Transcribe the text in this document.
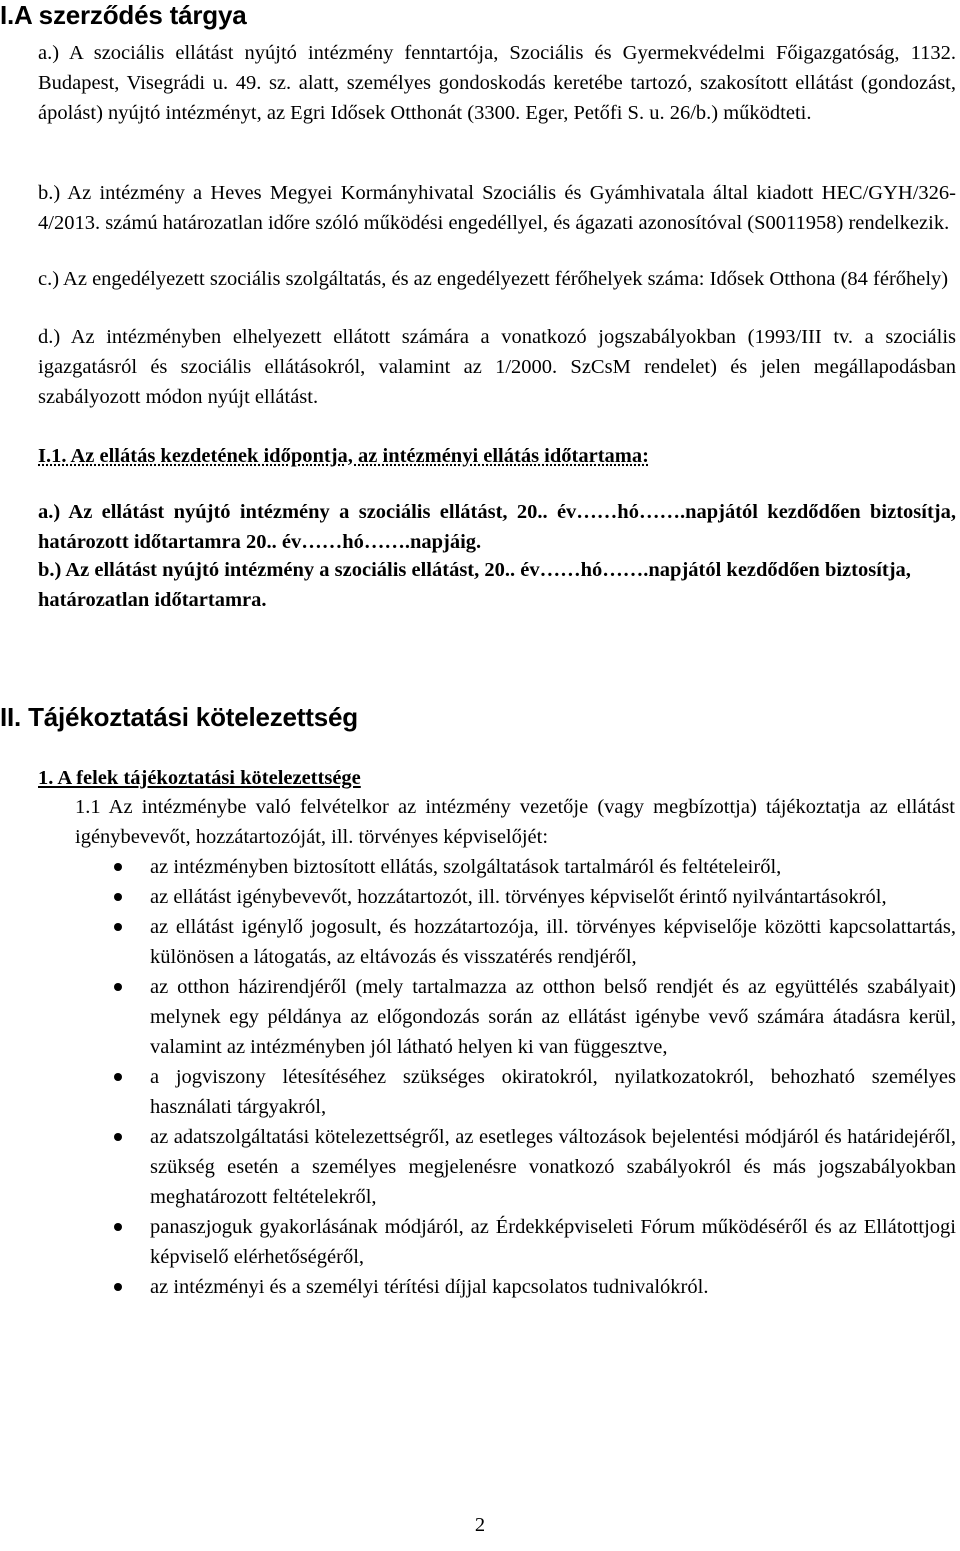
I.A szerződés tárgya

a.) A szociális ellátást nyújtó intézmény fenntartója, Szociális és Gyermekvédelmi Főigazgatóság, 1132. Budapest, Visegrádi u. 49. sz. alatt, személyes gondoskodás keretébe tartozó, szakosított ellátást (gondozást, ápolást) nyújtó intézményt, az Egri Idősek Otthonát (3300. Eger, Petőfi S. u. 26/b.) működteti.

b.) Az intézmény a Heves Megyei Kormányhivatal Szociális és Gyámhivatala által kiadott HEC/GYH/326-4/2013. számú határozatlan időre szóló működési engedéllyel, és ágazati azonosítóval (S0011958) rendelkezik.

c.) Az engedélyezett szociális szolgáltatás, és az engedélyezett férőhelyek száma: Idősek Otthona (84 férőhely)

d.) Az intézményben elhelyezett ellátott számára a vonatkozó jogszabályokban (1993/III tv. a szociális igazgatásról és szociális ellátásokról, valamint az 1/2000. SzCsM rendelet) és jelen megállapodásban szabályozott módon nyújt ellátást.

I.1. Az ellátás kezdetének időpontja, az intézményi ellátás időtartama:

a.) Az ellátást nyújtó intézmény a szociális ellátást, 20.. év……hó…….napjától kezdődően biztosítja, határozott időtartamra 20.. év……hó…….napjáig.

b.) Az ellátást nyújtó intézmény a szociális ellátást, 20.. év……hó…….napjától kezdődően biztosítja, határozatlan időtartamra.

II. Tájékoztatási kötelezettség
1. A felek tájékoztatási kötelezettsége

1.1 Az intézménybe való felvételkor az intézmény vezetője (vagy megbízottja) tájékoztatja az ellátást igénybevevőt, hozzátartozóját, ill. törvényes képviselőjét:

az intézményben biztosított ellátás, szolgáltatások tartalmáról és feltételeiről,
az ellátást igénybevevőt, hozzátartozót, ill. törvényes képviselőt érintő nyilvántartásokról,
az ellátást igénylő jogosult, és hozzátartozója, ill. törvényes képviselője közötti kapcsolattartás, különösen a látogatás, az eltávozás és visszatérés rendjéről,
az otthon házirendjéről (mely tartalmazza az otthon belső rendjét és az együttélés szabályait) melynek egy példánya az előgondozás során az ellátást igénybe vevő számára átadásra kerül, valamint az intézményben jól látható helyen ki van függesztve,
a jogviszony létesítéséhez szükséges okiratokról, nyilatkozatokról, behozható személyes használati tárgyakról,
az adatszolgáltatási kötelezettségről, az esetleges változások bejelentési módjáról és határidejéről, szükség esetén a személyes megjelenésre vonatkozó szabályokról és más jogszabályokban meghatározott feltételekről,
panaszjoguk gyakorlásának módjáról, az Érdekképviseleti Fórum működéséről és az Ellátottjogi képviselő elérhetőségéről,
az intézményi és a személyi térítési díjjal kapcsolatos tudnivalókról.
2
